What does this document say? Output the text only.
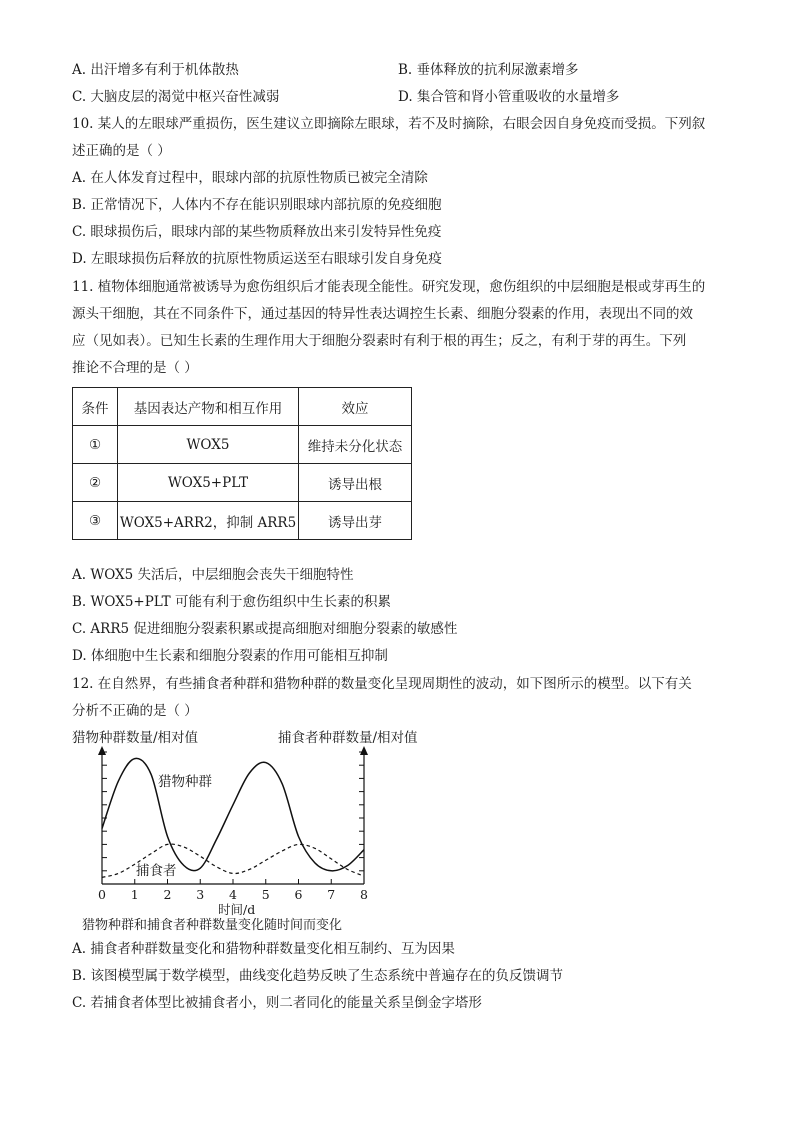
A. 出汗增多有利于机体散热	B. 垂体释放的抗利尿激素增多
C. 大脑皮层的渴觉中枢兴奋性减弱	D. 集合管和肾小管重吸收的水量增多
10. 某人的左眼球严重损伤，医生建议立即摘除左眼球，若不及时摘除，右眼会因自身免疫而受损。下列叙
述正确的是（ ）
A. 在人体发育过程中，眼球内部的抗原性物质已被完全清除
B. 正常情况下，人体内不存在能识别眼球内部抗原的免疫细胞
C. 眼球损伤后，眼球内部的某些物质释放出来引发特异性免疫
D. 左眼球损伤后释放的抗原性物质运送至右眼球引发自身免疫
11. 植物体细胞通常被诱导为愈伤组织后才能表现全能性。研究发现，愈伤组织的中层细胞是根或芽再生的
源头干细胞，其在不同条件下，通过基因的特异性表达调控生长素、细胞分裂素的作用，表现出不同的效
应（见如表）。已知生长素的生理作用大于细胞分裂素时有利于根的再生；反之，有利于芽的再生。下列
推论不合理的是（ ）
条件	基因表达产物和相互作用	效应
①	WOX5	维持未分化状态
②	WOX5+PLT	诱导出根
③	WOX5+ARR2，抑制 ARR5	诱导出芽
A. WOX5 失活后，中层细胞会丧失干细胞特性
B. WOX5+PLT 可能有利于愈伤组织中生长素的积累
C. ARR5 促进细胞分裂素积累或提高细胞对细胞分裂素的敏感性
D. 体细胞中生长素和细胞分裂素的作用可能相互抑制
12. 在自然界，有些捕食者种群和猎物种群的数量变化呈现周期性的波动，如下图所示的模型。以下有关
分析不正确的是（ ）
0 1 2 3 4 5 6 7 8
猎物种群数量/相对值	捕食者种群数量/相对值
时间/d
猎物种群和捕食者种群数量变化随时间而变化
猎物种群
捕食者
A. 捕食者种群数量变化和猎物种群数量变化相互制约、互为因果
B. 该图模型属于数学模型，曲线变化趋势反映了生态系统中普遍存在的负反馈调节
C. 若捕食者体型比被捕食者小，则二者同化的能量关系呈倒金字塔形
